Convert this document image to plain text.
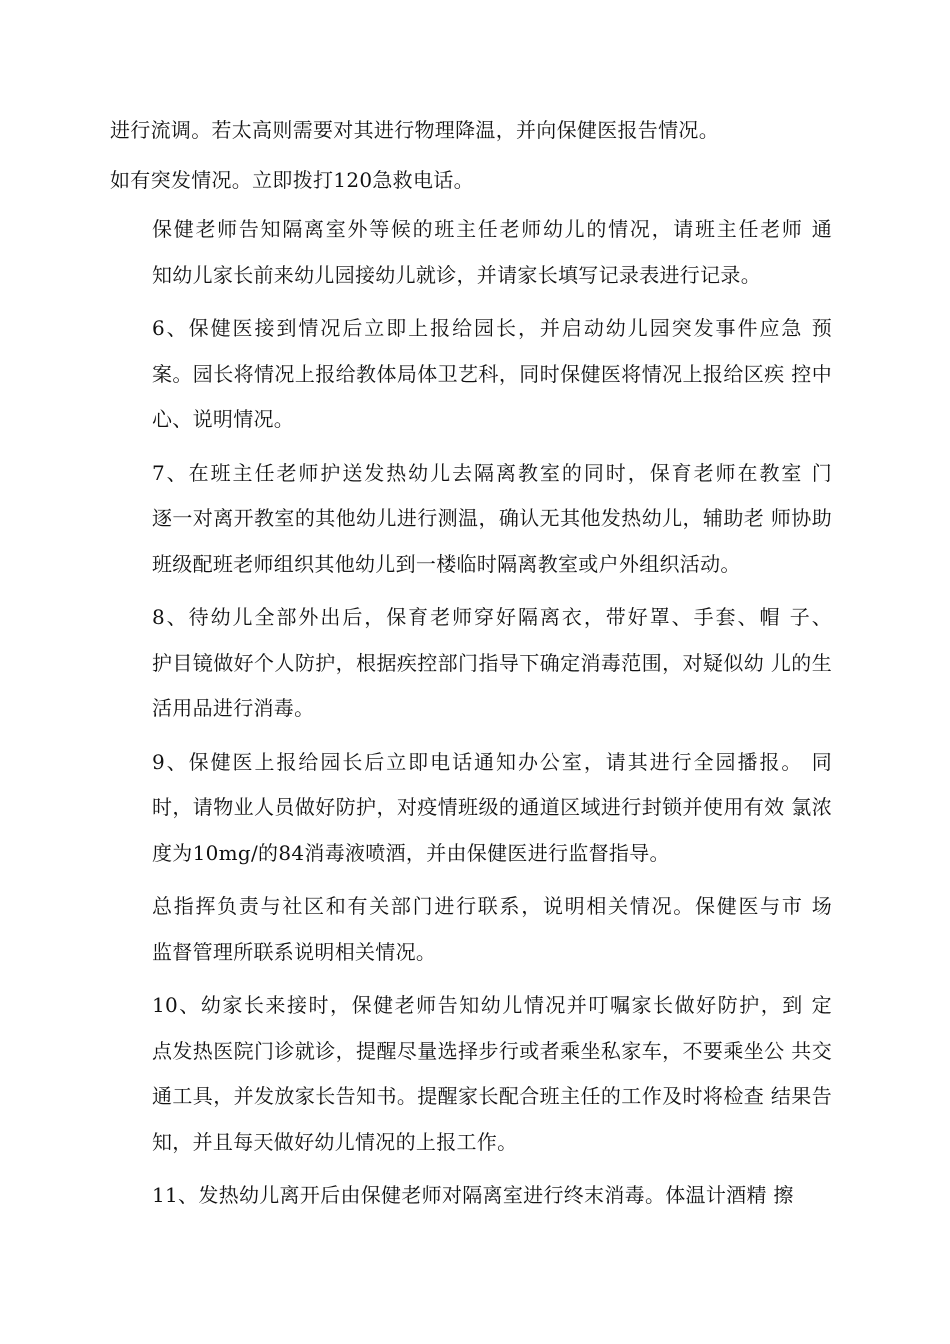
进行流调。若太高则需要对其进行物理降温，并向保健医报告情况。

如有突发情况。立即拨打120急救电话。

保健老师告知隔离室外等候的班主任老师幼儿的情况，请班主任老师 通
知幼儿家长前来幼儿园接幼儿就诊，并请家长填写记录表进行记录。

6、保健医接到情况后立即上报给园长，并启动幼儿园突发事件应急 预
案。园长将情况上报给教体局体卫艺科，同时保健医将情况上报给区疾 控中
心、说明情况。

7、在班主任老师护送发热幼儿去隔离教室的同时，保育老师在教室 门
逐一对离开教室的其他幼儿进行测温，确认无其他发热幼儿，辅助老 师协助
班级配班老师组织其他幼儿到一楼临时隔离教室或户外组织活动。

8、待幼儿全部外出后，保育老师穿好隔离衣，带好罩、手套、帽 子、
护目镜做好个人防护，根据疾控部门指导下确定消毒范围，对疑似幼 儿的生
活用品进行消毒。

9、保健医上报给园长后立即电话通知办公室，请其进行全园播报。 同
时，请物业人员做好防护，对疫情班级的通道区域进行封锁并使用有效 氯浓
度为10mg/的84消毒液喷酒，并由保健医进行监督指导。

总指挥负责与社区和有关部门进行联系，说明相关情况。保健医与市 场
监督管理所联系说明相关情况。

10、幼家长来接时，保健老师告知幼儿情况并叮嘱家长做好防护，到 定
点发热医院门诊就诊，提醒尽量选择步行或者乘坐私家车，不要乘坐公 共交
通工具，并发放家长告知书。提醒家长配合班主任的工作及时将检查 结果告
知，并且每天做好幼儿情况的上报工作。

11、发热幼儿离开后由保健老师对隔离室进行终末消毒。体温计酒精 擦
